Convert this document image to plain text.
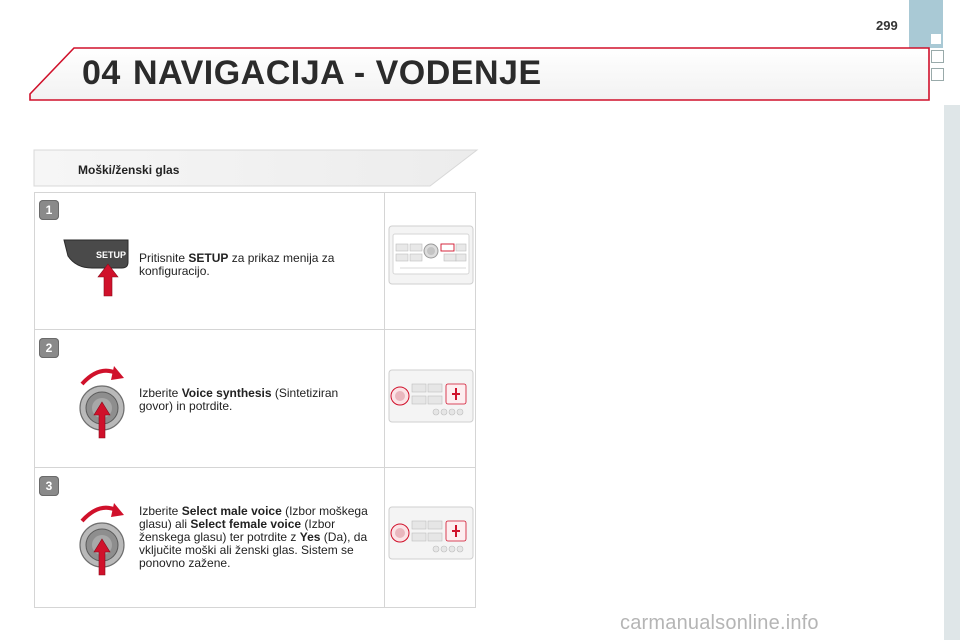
299
04 NAVIGACIJA - VODENJE
Moški/ženski glas
1
2
3
SETUP Pritisnite SETUP za prikaz menija za konfiguracijo.
Izberite Voice synthesis (Sintetiziran govor) in potrdite.
Izberite Select male voice (Izbor moškega glasu) ali Select female voice (Izbor ženskega glasu) ter potrdite z Yes (Da), da vključite moški ali ženski glas. Sistem se ponovno zažene.
carmanualsonline.info
